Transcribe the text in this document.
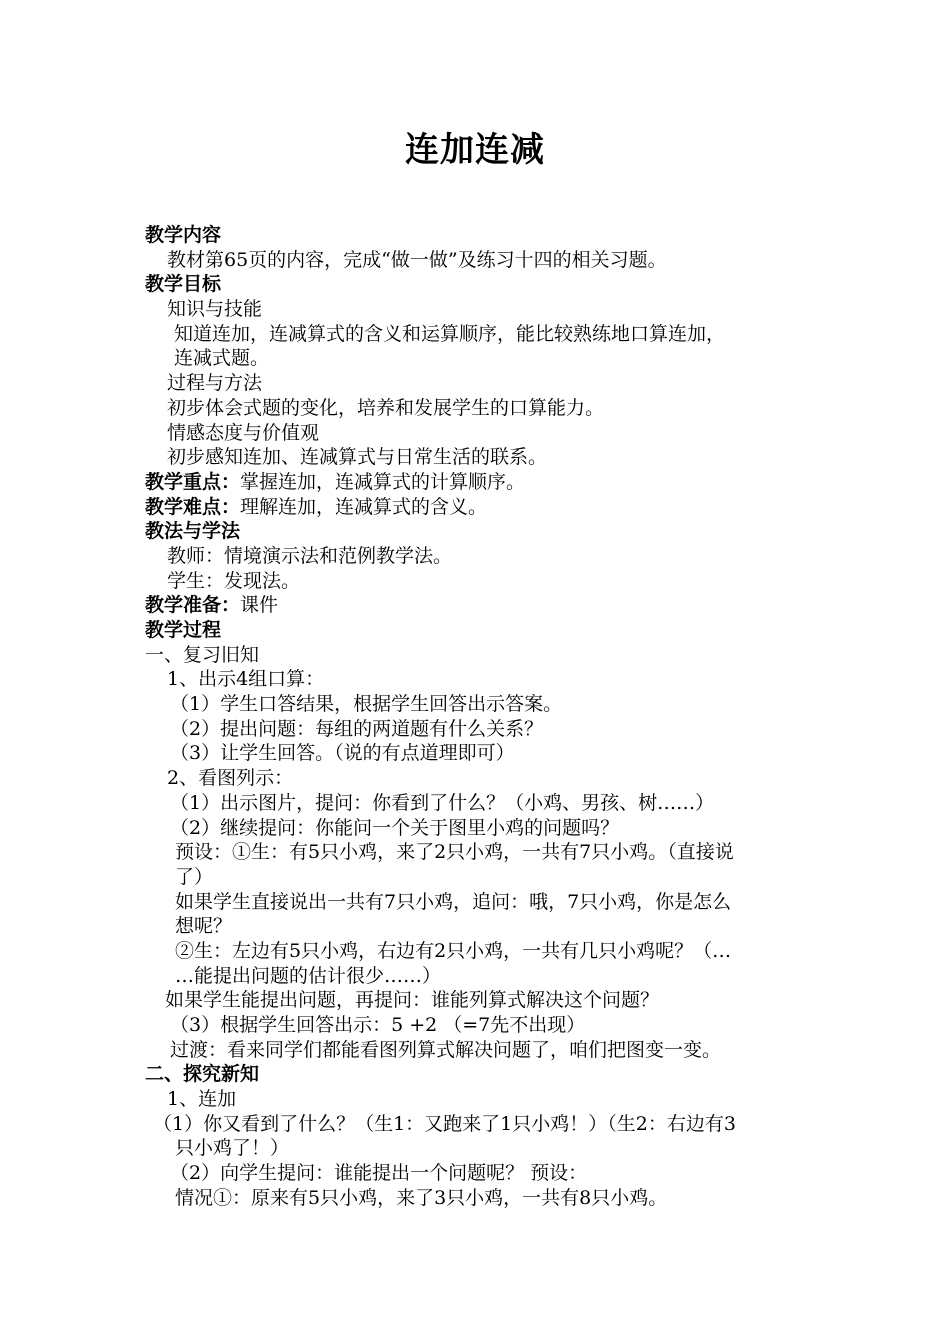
连加连减
教学内容
教材第65页的内容，完成“做一做”及练习十四的相关习题。
教学目标
知识与技能
知道连加，连减算式的含义和运算顺序，能比较熟练地口算连加，
连减式题。
过程与方法
初步体会式题的变化，培养和发展学生的口算能力。
情感态度与价值观
初步感知连加、连减算式与日常生活的联系。
教学重点：掌握连加，连减算式的计算顺序。
教学难点：理解连加，连减算式的含义。
教法与学法
教师：情境演示法和范例教学法。
学生：发现法。
教学准备：课件
教学过程
一、复习旧知
1、出示4组口算：
（1）学生口答结果，根据学生回答出示答案。
（2）提出问题：每组的两道题有什么关系？
（3）让学生回答。（说的有点道理即可）
2、看图列示：
（1）出示图片，提问：你看到了什么？（小鸡、男孩、树……）
（2）继续提问：你能问一个关于图里小鸡的问题吗？
预设：①生：有5只小鸡，来了2只小鸡，一共有7只小鸡。（直接说
了）
如果学生直接说出一共有7只小鸡，追问：哦，7只小鸡，你是怎么
想呢？
②生：左边有5只小鸡，右边有2只小鸡，一共有几只小鸡呢？（…
…能提出问题的估计很少……）
如果学生能提出问题，再提问：谁能列算式解决这个问题？
（3）根据学生回答出示：5 +2 （=7先不出现）
过渡：看来同学们都能看图列算式解决问题了，咱们把图变一变。
二、探究新知
1、连加
（1）你又看到了什么？（生1：又跑来了1只小鸡！）（生2：右边有3
只小鸡了！）
（2）向学生提问：谁能提出一个问题呢？ 预设：
情况①：原来有5只小鸡，来了3只小鸡，一共有8只小鸡。
